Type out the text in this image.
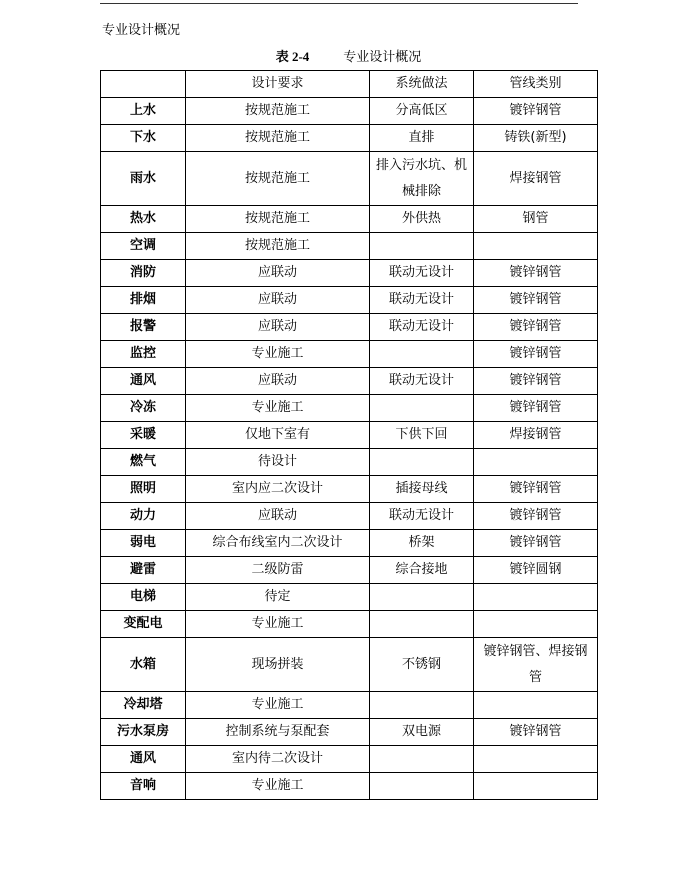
专业设计概况
表 2-4	专业设计概况
	设计要求	系统做法	管线类别
上水	按规范施工	分高低区	镀锌钢管
下水	按规范施工	直排	铸铁(新型)
雨水	按规范施工	排入污水坑、机械排除	焊接钢管
热水	按规范施工	外供热	钢管
空调	按规范施工		
消防	应联动	联动无设计	镀锌钢管
排烟	应联动	联动无设计	镀锌钢管
报警	应联动	联动无设计	镀锌钢管
监控	专业施工		镀锌钢管
通风	应联动	联动无设计	镀锌钢管
冷冻	专业施工		镀锌钢管
采暖	仅地下室有	下供下回	焊接钢管
燃气	待设计		
照明	室内应二次设计	插接母线	镀锌钢管
动力	应联动	联动无设计	镀锌钢管
弱电	综合布线室内二次设计	桥架	镀锌钢管
避雷	二级防雷	综合接地	镀锌圆钢
电梯	待定		
变配电	专业施工		
水箱	现场拼装	不锈钢	镀锌钢管、焊接钢管
冷却塔	专业施工		
污水泵房	控制系统与泵配套	双电源	镀锌钢管
通风	室内待二次设计		
音响	专业施工		
